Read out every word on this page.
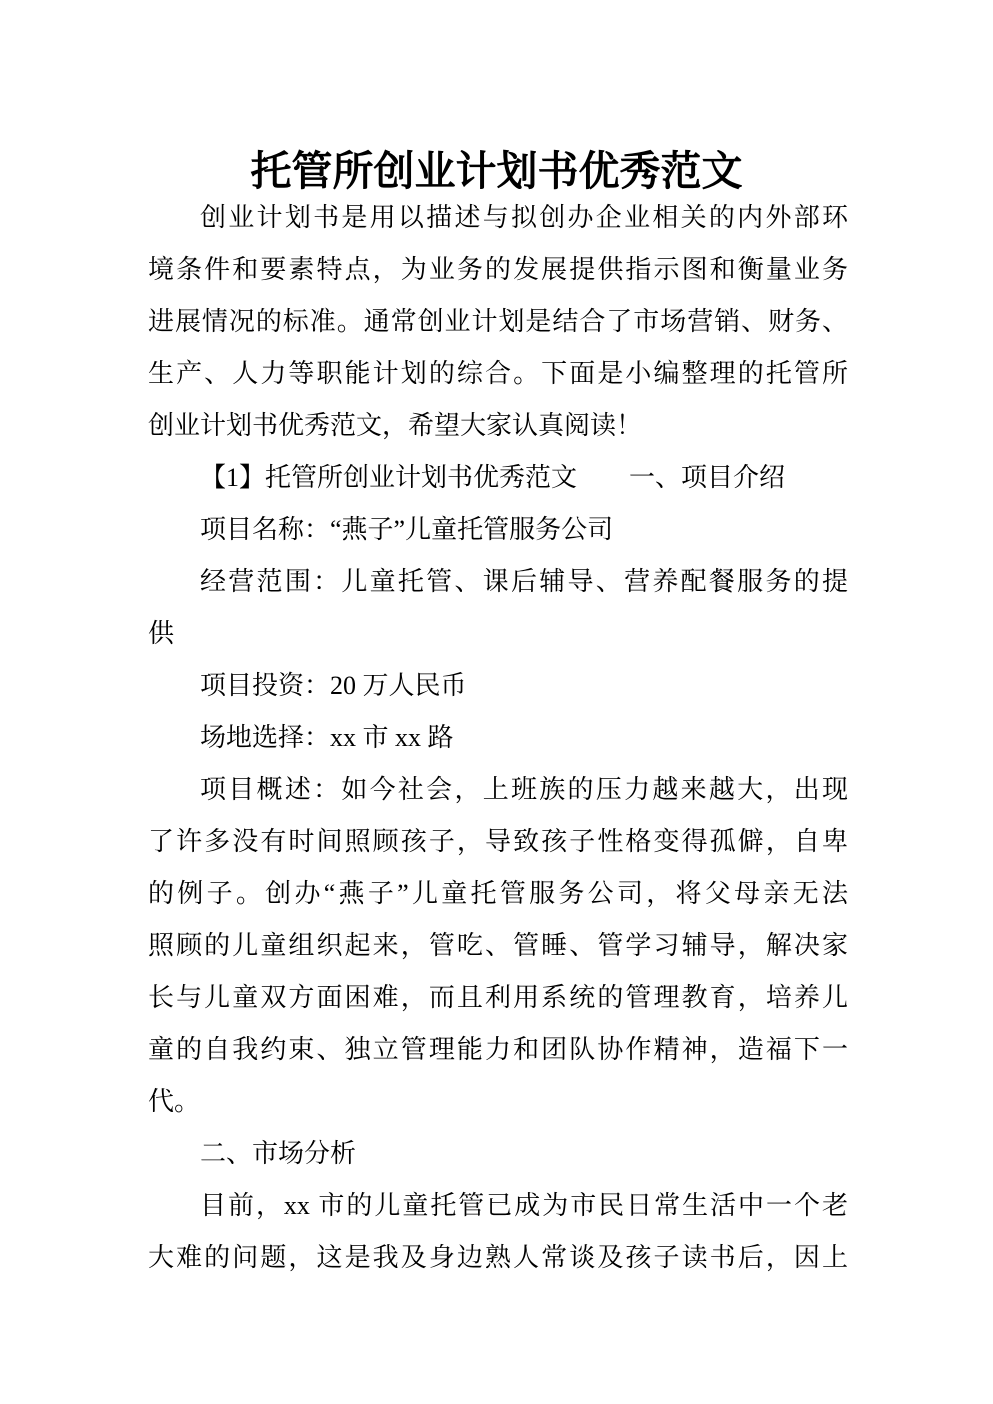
托管所创业计划书优秀范文
创业计划书是用以描述与拟创办企业相关的内外部环
境条件和要素特点，为业务的发展提供指示图和衡量业务
进展情况的标准。通常创业计划是结合了市场营销、财务、
生产、人力等职能计划的综合。下面是小编整理的托管所
创业计划书优秀范文，希望大家认真阅读！
【1】托管所创业计划书优秀范文　　一、项目介绍
项目名称：“燕子”儿童托管服务公司
经营范围：儿童托管、课后辅导、营养配餐服务的提
供
项目投资：20 万人民币
场地选择：xx 市 xx 路
项目概述：如今社会，上班族的压力越来越大，出现
了许多没有时间照顾孩子，导致孩子性格变得孤僻，自卑
的例子。创办“燕子”儿童托管服务公司，将父母亲无法
照顾的儿童组织起来，管吃、管睡、管学习辅导，解决家
长与儿童双方面困难，而且利用系统的管理教育，培养儿
童的自我约束、独立管理能力和团队协作精神，造福下一
代。
二、市场分析
目前，xx 市的儿童托管已成为市民日常生活中一个老
大难的问题，这是我及身边熟人常谈及孩子读书后，因上
